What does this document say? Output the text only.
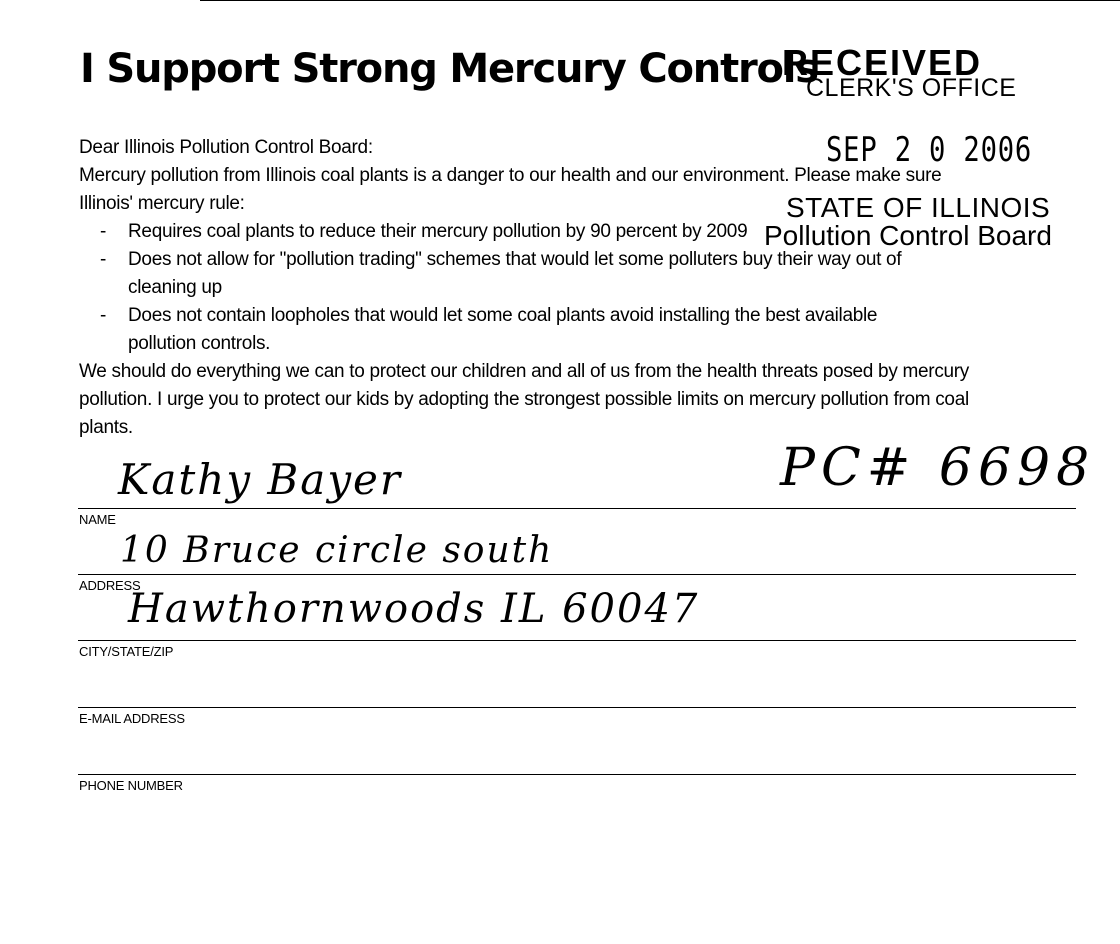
I Support Strong Mercury Controls
RECEIVED
CLERK'S OFFICE
SEP 2 0 2006
STATE OF ILLINOIS
Pollution Control Board
Dear Illinois Pollution Control Board:
Mercury pollution from Illinois coal plants is a danger to our health and our environment. Please make sure
Illinois' mercury rule:
- Requires coal plants to reduce their mercury pollution by 90 percent by 2009
- Does not allow for "pollution trading" schemes that would let some polluters buy their way out of
cleaning up
- Does not contain loopholes that would let some coal plants avoid installing the best available
pollution controls.
We should do everything we can to protect our children and all of us from the health threats posed by mercury
pollution. I urge you to protect our kids by adopting the strongest possible limits on mercury pollution from coal
plants.
Kathy Bayer	PC# 6698
NAME
10 Bruce circle south
ADDRESS
Hawthornwoods IL 60047
CITY/STATE/ZIP
E-MAIL ADDRESS
PHONE NUMBER
